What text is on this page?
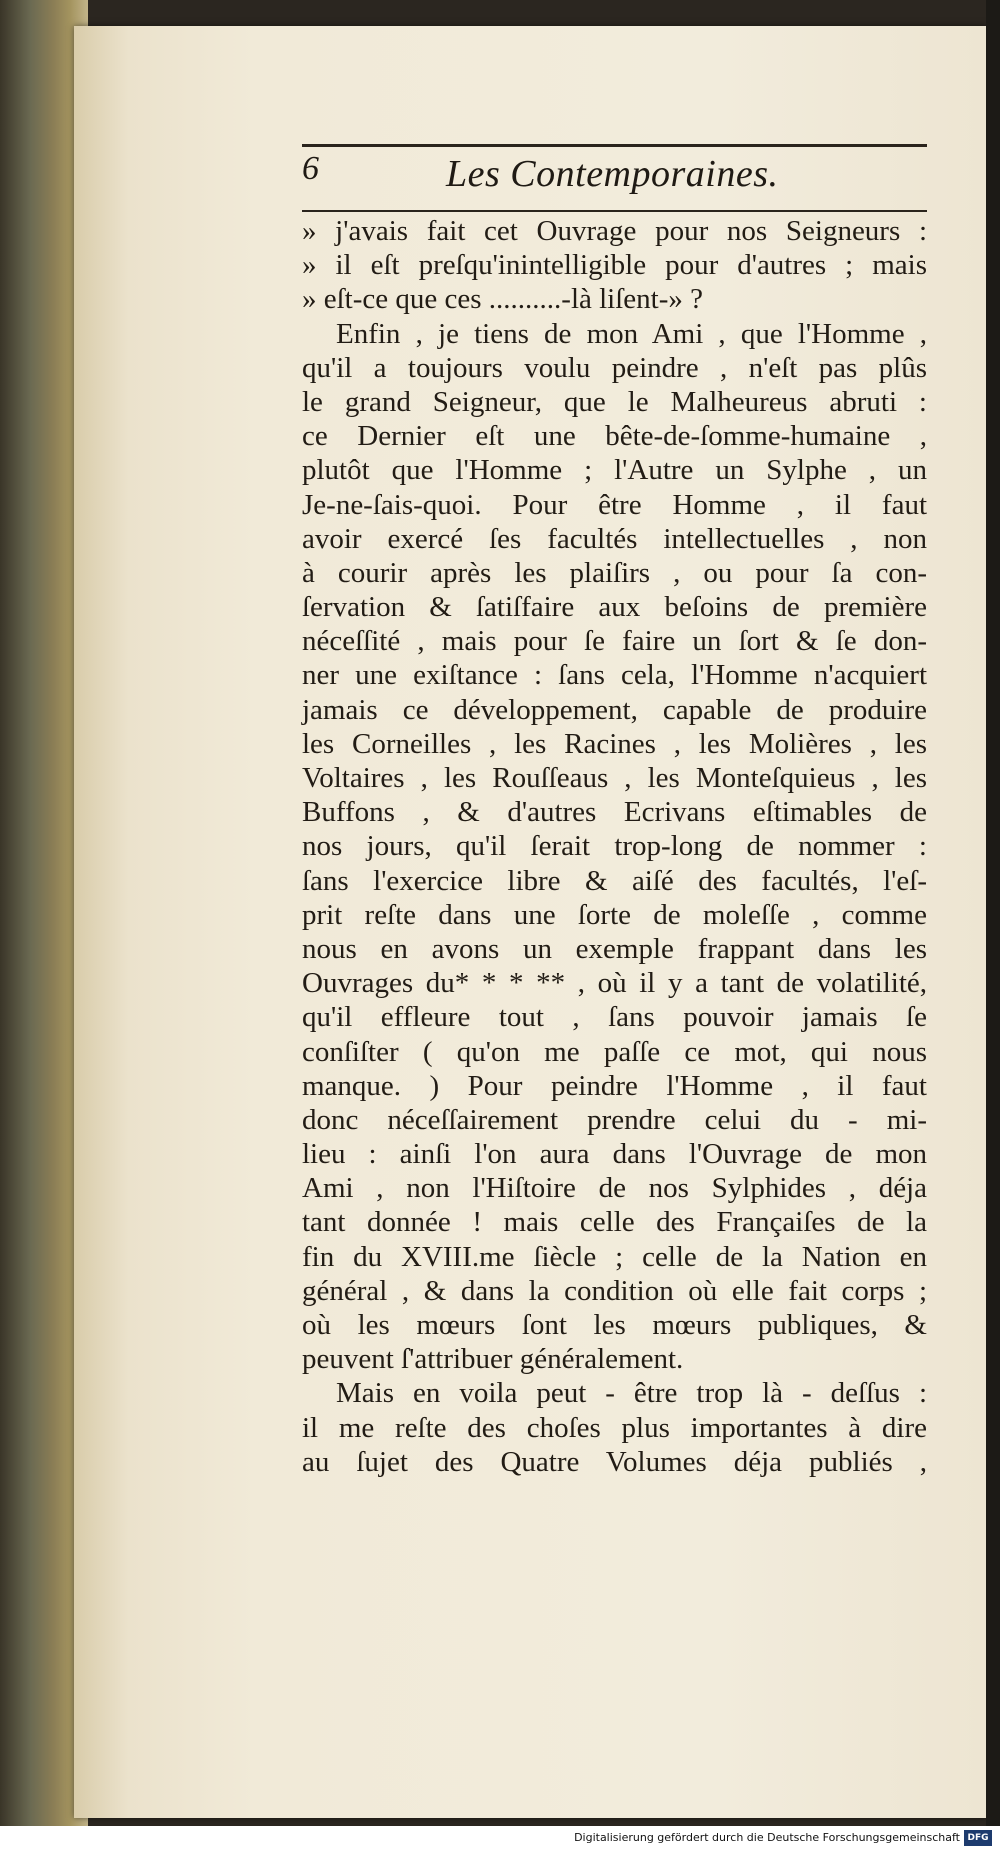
6	Les Contemporaines.
» j'avais fait cet Ouvrage pour nos Seigneurs :
» il eſt preſqu'inintelligible pour d'autres ; mais
» eſt-ce que ces ..........-là liſent-» ?
Enfin , je tiens de mon Ami , que l'Homme ,
qu'il a toujours voulu peindre , n'eſt pas plûs
le grand Seigneur, que le Malheureus abruti :
ce Dernier eſt une bête-de-ſomme-humaine ,
plutôt que l'Homme ; l'Autre un Sylphe , un
Je-ne-ſais-quoi. Pour être Homme , il faut
avoir exercé ſes facultés intellectuelles , non
à courir après les plaiſirs , ou pour ſa con-
ſervation & ſatiſfaire aux beſoins de première
néceſſité , mais pour ſe faire un ſort & ſe don-
ner une exiſtance : ſans cela, l'Homme n'acquiert
jamais ce développement, capable de produire
les Corneilles , les Racines , les Molières , les
Voltaires , les Rouſſeaus , les Monteſquieus , les
Buffons , & d'autres Ecrivans eſtimables de
nos jours, qu'il ſerait trop-long de nommer :
ſans l'exercice libre & aiſé des facultés, l'eſ-
prit reſte dans une ſorte de moleſſe , comme
nous en avons un exemple frappant dans les
Ouvrages du* * * ** , où il y a tant de volatilité,
qu'il effleure tout , ſans pouvoir jamais ſe
conſiſter ( qu'on me paſſe ce mot, qui nous
manque. ) Pour peindre l'Homme , il faut
donc néceſſairement prendre celui du - mi-
lieu : ainſi l'on aura dans l'Ouvrage de mon
Ami , non l'Hiſtoire de nos Sylphides , déja
tant donnée ! mais celle des Françaiſes de la
fin du XVIII.me ſiècle ; celle de la Nation en
général , & dans la condition où elle fait corps ;
où les mœurs ſont les mœurs publiques, &
peuvent ſ'attribuer généralement.
Mais en voila peut - être trop là - deſſus :
il me reſte des choſes plus importantes à dire
au ſujet des Quatre Volumes déja publiés ,
Digitalisierung gefördert durch die Deutsche Forschungsgemeinschaft DFG
